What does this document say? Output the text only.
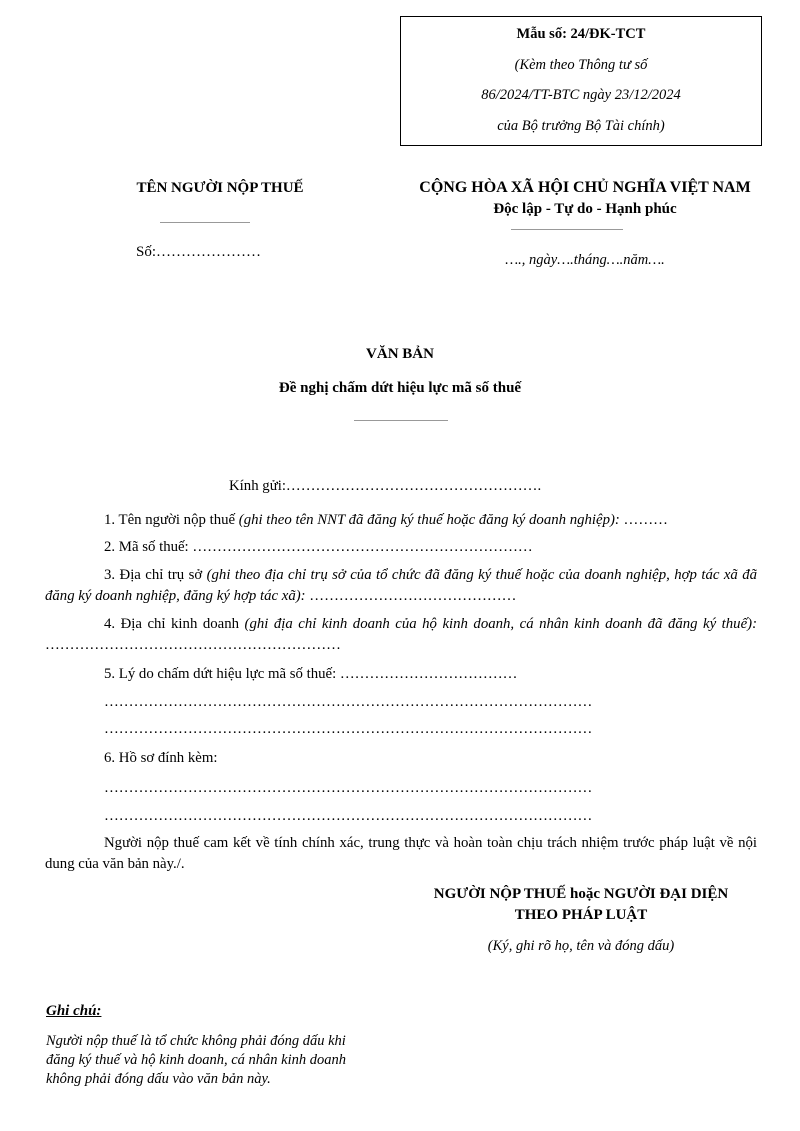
Mẫu số: 24/ĐK-TCT
(Kèm theo Thông tư số
86/2024/TT-BTC ngày 23/12/2024
của Bộ trưởng Bộ Tài chính)
TÊN NGƯỜI NỘP THUẾ
Số:…………………
CỘNG HÒA XÃ HỘI CHỦ NGHĨA VIỆT NAM
Độc lập - Tự do - Hạnh phúc
…., ngày….tháng….năm….
VĂN BẢN
Đề nghị chấm dứt hiệu lực mã số thuế
Kính gửi:…………………………………………….
1. Tên người nộp thuế (ghi theo tên NNT đã đăng ký thuế hoặc đăng ký doanh nghiệp): ………
2. Mã số thuế: ……………………………………………………………
3. Địa chỉ trụ sở (ghi theo địa chỉ trụ sở của tổ chức đã đăng ký thuế hoặc của doanh nghiệp, hợp tác xã đã đăng ký doanh nghiệp, đăng ký hợp tác xã): ……………………………………
4. Địa chỉ kinh doanh (ghi địa chỉ kinh doanh của hộ kinh doanh, cá nhân kinh doanh đã đăng ký thuế): ……………………………………………………
5. Lý do chấm dứt hiệu lực mã số thuế: ………………………………
………………………………………………………………………………………
………………………………………………………………………………………
6. Hồ sơ đính kèm:
………………………………………………………………………………………
………………………………………………………………………………………
Người nộp thuế cam kết về tính chính xác, trung thực và hoàn toàn chịu trách nhiệm trước pháp luật về nội dung của văn bản này./.
NGƯỜI NỘP THUẾ hoặc NGƯỜI ĐẠI DIỆN
THEO PHÁP LUẬT
(Ký, ghi rõ họ, tên và đóng dấu)
Ghi chú:
Người nộp thuế là tổ chức không phải đóng dấu khi
đăng ký thuế và hộ kinh doanh, cá nhân kinh doanh
không phải đóng dấu vào văn bản này.
